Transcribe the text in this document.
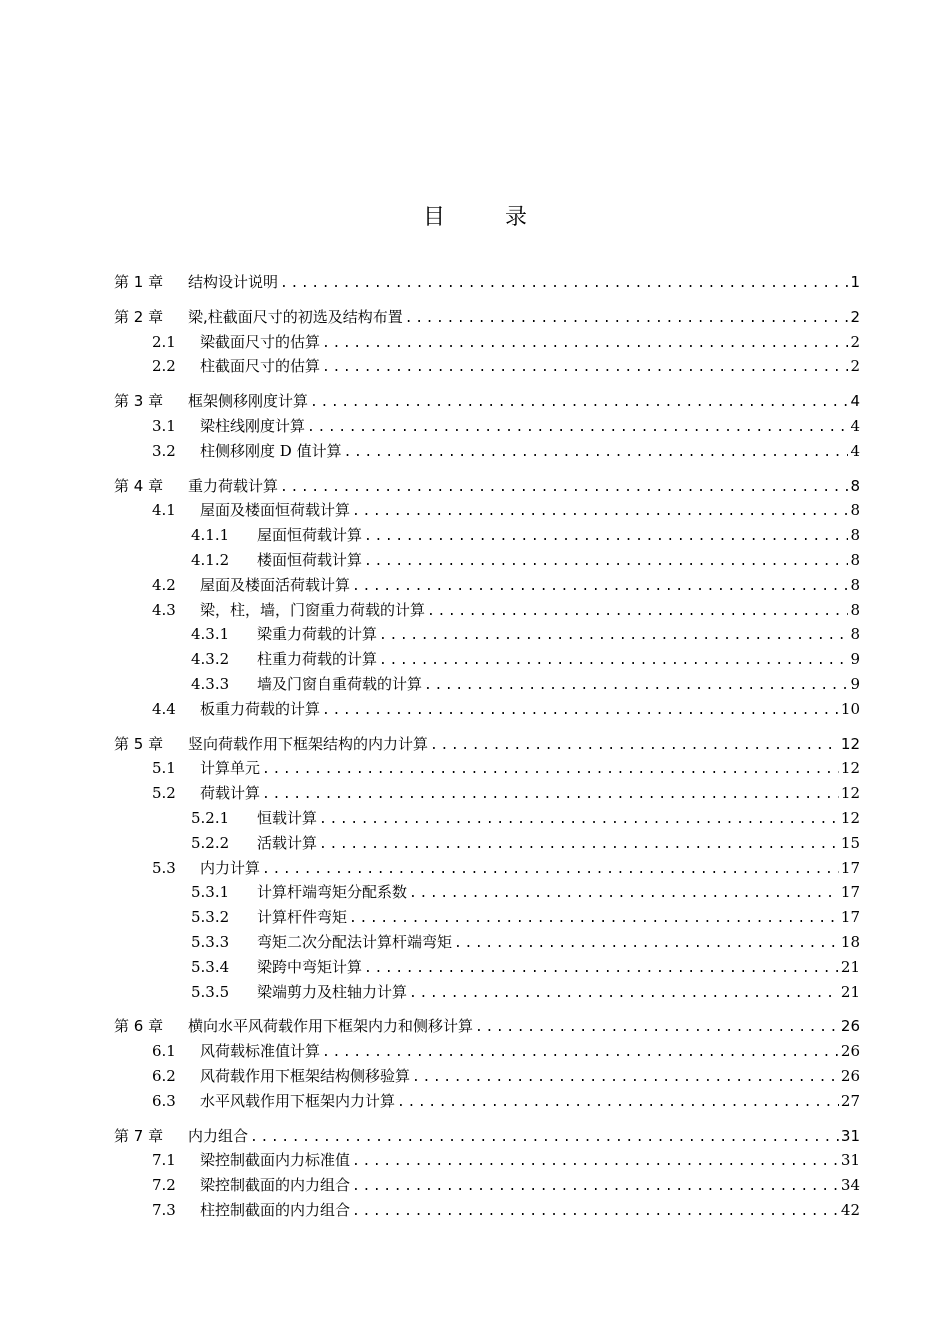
目	录
第 1 章	结构设计说明 .....	1
第 2 章	梁,柱截面尺寸的初选及结构布置 .....	2
2.1	梁截面尺寸的估算 .....	2
2.2	柱截面尺寸的估算 .....	2
第 3 章	框架侧移刚度计算 .....	4
3.1	梁柱线刚度计算 .....	4
3.2	柱侧移刚度 D 值计算 .....	4
第 4 章	重力荷载计算 .....	8
4.1	屋面及楼面恒荷载计算 .....	8
4.1.1	屋面恒荷载计算 .....	8
4.1.2	楼面恒荷载计算 .....	8
4.2	屋面及楼面活荷载计算 .....	8
4.3	梁，柱，墙，门窗重力荷载的计算 .....	8
4.3.1	梁重力荷载的计算 .....	8
4.3.2	柱重力荷载的计算 .....	9
4.3.3	墙及门窗自重荷载的计算 .....	9
4.4	板重力荷载的计算 .....	10
第 5 章	竖向荷载作用下框架结构的内力计算 .....	12
5.1	计算单元 .....	12
5.2	荷载计算 .....	12
5.2.1	恒载计算 .....	12
5.2.2	活载计算 .....	15
5.3	内力计算 .....	17
5.3.1	计算杆端弯矩分配系数 .....	17
5.3.2	计算杆件弯矩 .....	17
5.3.3	弯矩二次分配法计算杆端弯矩 .....	18
5.3.4	梁跨中弯矩计算 .....	21
5.3.5	梁端剪力及柱轴力计算 .....	21
第 6 章	横向水平风荷载作用下框架内力和侧移计算 .....	26
6.1	风荷载标准值计算 .....	26
6.2	风荷载作用下框架结构侧移验算 .....	26
6.3	水平风载作用下框架内力计算 .....	27
第 7 章	内力组合 .....	31
7.1	梁控制截面内力标准值 .....	31
7.2	梁控制截面的内力组合 .....	34
7.3	柱控制截面的内力组合 .....	42
